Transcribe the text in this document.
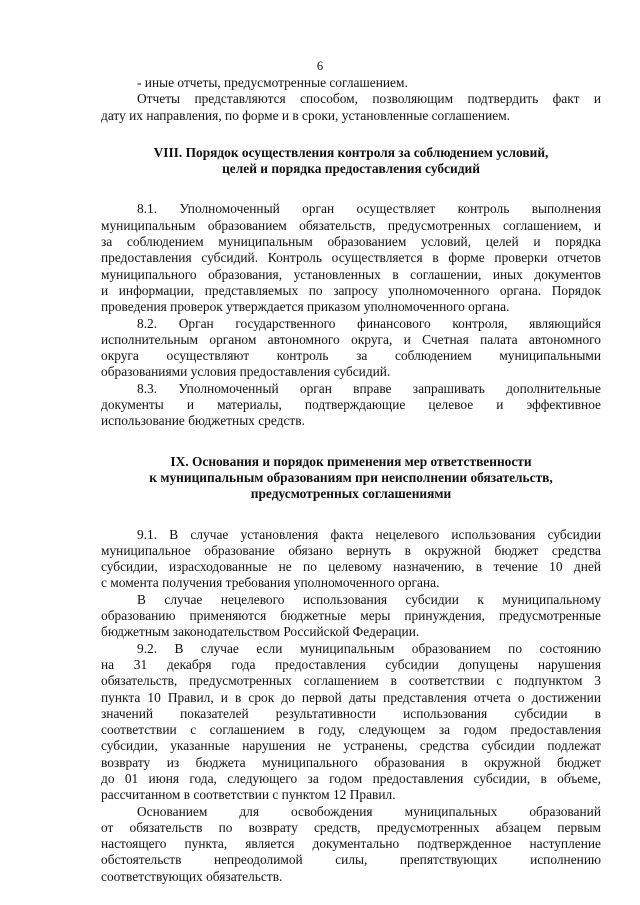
6
- иные отчеты, предусмотренные соглашением.
Отчеты представляются способом, позволяющим подтвердить факт и
дату их направления, по форме и в сроки, установленные соглашением.
VIII. Порядок осуществления контроля за соблюдением условий,
целей и порядка предоставления субсидий
8.1. Уполномоченный орган осуществляет контроль выполнения
муниципальным образованием обязательств, предусмотренных соглашением, и
за соблюдением муниципальным образованием условий, целей и порядка
предоставления субсидий. Контроль осуществляется в форме проверки отчетов
муниципального образования, установленных в соглашении, иных документов
и информации, представляемых по запросу уполномоченного органа. Порядок
проведения проверок утверждается приказом уполномоченного органа.
8.2. Орган государственного финансового контроля, являющийся
исполнительным органом автономного округа, и Счетная палата автономного
округа осуществляют контроль за соблюдением муниципальными
образованиями условия предоставления субсидий.
8.3. Уполномоченный орган вправе запрашивать дополнительные
документы и материалы, подтверждающие целевое и эффективное
использование бюджетных средств.
IX. Основания и порядок применения мер ответственности
к муниципальным образованиям при неисполнении обязательств,
предусмотренных соглашениями
9.1. В случае установления факта нецелевого использования субсидии
муниципальное образование обязано вернуть в окружной бюджет средства
субсидии, израсходованные не по целевому назначению, в течение 10 дней
с момента получения требования уполномоченного органа.
В случае нецелевого использования субсидии к муниципальному
образованию применяются бюджетные меры принуждения, предусмотренные
бюджетным законодательством Российской Федерации.
9.2. В случае если муниципальным образованием по состоянию
на 31 декабря года предоставления субсидии допущены нарушения
обязательств, предусмотренных соглашением в соответствии с подпунктом 3
пункта 10 Правил, и в срок до первой даты представления отчета о достижении
значений показателей результативности использования субсидии в
соответствии с соглашением в году, следующем за годом предоставления
субсидии, указанные нарушения не устранены, средства субсидии подлежат
возврату из бюджета муниципального образования в окружной бюджет
до 01 июня года, следующего за годом предоставления субсидии, в объеме,
рассчитанном в соответствии с пунктом 12 Правил.
Основанием для освобождения муниципальных образований
от обязательств по возврату средств, предусмотренных абзацем первым
настоящего пункта, является документально подтвержденное наступление
обстоятельств непреодолимой силы, препятствующих исполнению
соответствующих обязательств.
